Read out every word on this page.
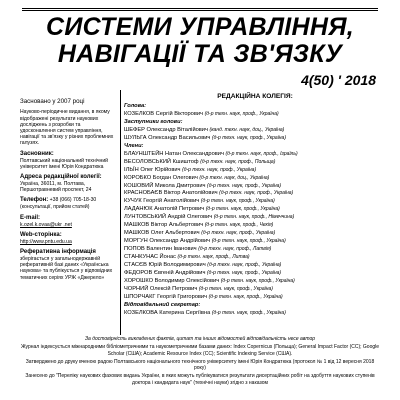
СИСТЕМИ УПРАВЛІННЯ,
НАВІГАЦІЇ ТА ЗВ'ЯЗКУ
4(50) ' 2018
Засновано у 2007 році
Науково-періодичне видання, в якому відображені результати наукових досліджень з розробки та удосконалення систем управління, навігації та зв'язку у різних проблемних галузях.
Засновник:
Полтавський національний технічний університет імені Юрія Кондратюка
Адреса редакційної колегії:
Україна, 36011, м. Полтава, Першотравневий проспект, 24
Телефон: +38 (066) 705-18-30 (консультації, прийом статей)
E-mail:
k.ozel.k.ovaa@ukr .net
Web-сторінка:
http://www.pntu.edu.ua
Реферативна інформація
зберігається у загальнодержавній реферативній базі даних «Українська наукова» та публікується у відповідних тематичних серіях УРЖ «Джерело»
РЕДАКЦІЙНА КОЛЕГІЯ:
Голова:
КОЗЕЛКОВ Сергій Вікторович (д-р техн. наук, проф., Україна)
Заступники голови:
ШЕФЕР Олександр Віталійович (канд. техн. наук, доц., Україна)
ШУЛЬГА Олександр Васильович (д-р техн. наук, проф., Україна)
Члени:
БЛАУНШТЕЙН Натан Олександрович (д-р техн. наук, проф., Ізраїль)
ВЕСОЛОВСЬКИЙ Кшиштоф (д-р техн. наук, проф., Польща)
ІЛЬЇН Олег Юрійович (д-р техн. наук, проф., Україна)
КОРОБКО Богдан Олегович (д-р техн. наук, доц., Україна)
КОШОВИЙ Микола Дмитрович (д-р техн. наук, проф., Україна)
КРАСНОБАЄВ Віктор Анатолійович (д-р техн. наук, проф., Україна)
КУЧУК Георгій Анатолійович (д-р техн. наук, проф., Україна)
ЛАДАНЮК Анатолій Петрович (д-р техн. наук, проф., Україна)
ЛУНТОВСЬКИЙ Андрій Олегович (д-р техн. наук, проф., Німеччина)
МАШКОВ Віктор Альбертович (д-р техн. наук, проф., Чехія)
МАШКОВ Олег Альбертович (д-р техн. наук, проф., Україна)
МОРГУН Олександр Андрійович (д-р техн. наук, проф., Україна)
ПОПОВ Валентин Іванович (д-р техн. наук, проф., Латвія)
СТАНКУНАС Йонас (д-р техн. наук, проф., Литва)
СТАСЄВ Юрій Володимирович (д-р техн. наук, проф., Україна)
ФЕДОРОВ Євгеній Андрійович (д-р техн. наук, проф., Україна)
ХОРОШКО Володимир Олексійович (д-р техн. наук, проф., Україна)
ЧОРНИЙ Олексій Петрович (д-р техн. наук, проф., Україна)
ШПОРЧАКГ Георгій Григорович (д-р техн. наук, проф., Україна)
Відповідальний секретар:
КОЗЕЛКОВА Катерина Сергіївна (д-р техн. наук, проф., Україна)

За достовірність викладених фактів, цитат та інших відомостей відповідальність несе автор

Журнал індексується міжнародними бібліометричними та наукометричними базами даних: Index Copernicus (Польща); General Impact Factor (CC); Google Scholar (США); Academic Resource Index (CC); Scientific Indexing Service (США).

Затверджено до друку вченою радою Полтавського національного технічного університету імені Юрія Кондратюка (протокол № 1 від 12 вересня 2018 року)

Занесено до "Переліку наукових фахових видань України, в яких можуть публікуватися результати дисертаційних робіт на здобуття наукових ступенів доктора і кандидата наук" (технічні науки) згідно з наказом
